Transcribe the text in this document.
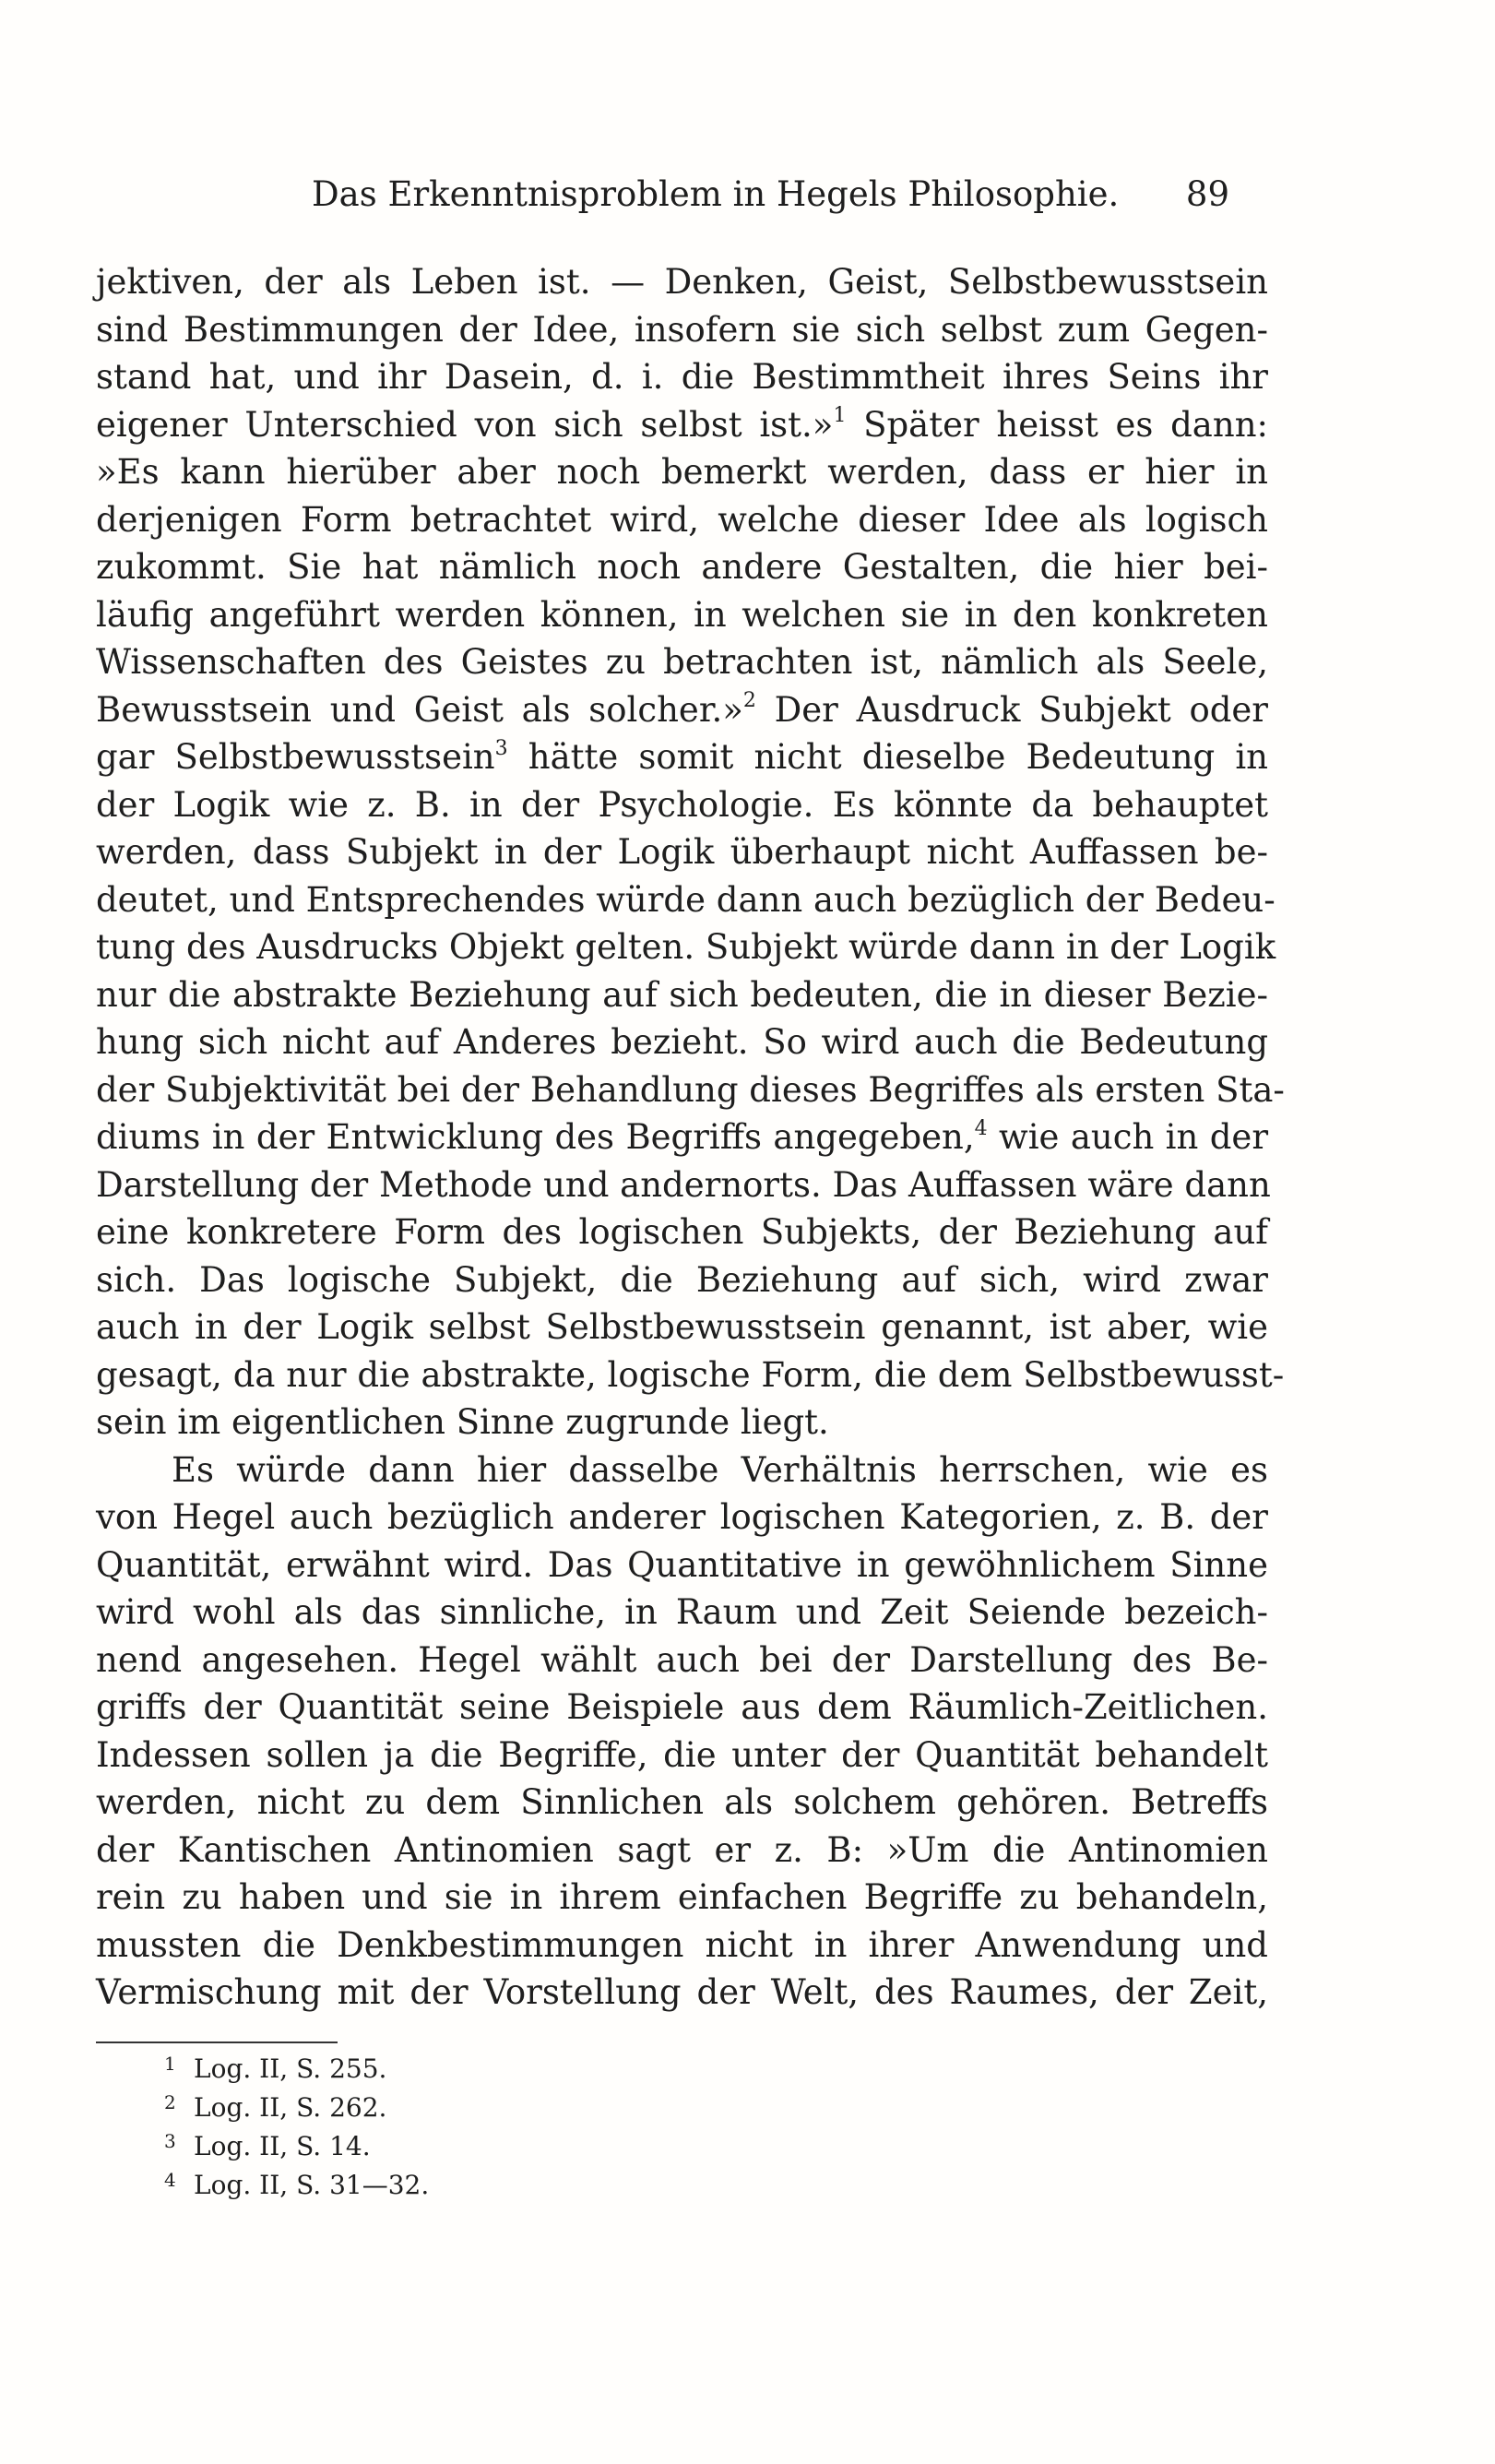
Das Erkenntnisproblem in Hegels Philosophie. 89
jektiven, der als Leben ist. — Denken, Geist, Selbstbewusstsein
sind Bestimmungen der Idee, insofern sie sich selbst zum Gegen-
stand hat, und ihr Dasein, d. i. die Bestimmtheit ihres Seins ihr
eigener Unterschied von sich selbst ist.»$^1$ Später heisst es dann:
»Es kann hierüber aber noch bemerkt werden, dass er hier in
derjenigen Form betrachtet wird, welche dieser Idee als logisch
zukommt. Sie hat nämlich noch andere Gestalten, die hier bei-
läufig angeführt werden können, in welchen sie in den konkreten
Wissenschaften des Geistes zu betrachten ist, nämlich als Seele,
Bewusstsein und Geist als solcher.»$^2$ Der Ausdruck Subjekt oder
gar Selbstbewusstsein$^3$ hätte somit nicht dieselbe Bedeutung in
der Logik wie z. B. in der Psychologie. Es könnte da behauptet
werden, dass Subjekt in der Logik überhaupt nicht Auffassen be-
deutet, und Entsprechendes würde dann auch bezüglich der Bedeu-
tung des Ausdrucks Objekt gelten. Subjekt würde dann in der Logik
nur die abstrakte Beziehung auf sich bedeuten, die in dieser Bezie-
hung sich nicht auf Anderes bezieht. So wird auch die Bedeutung
der Subjektivität bei der Behandlung dieses Begriffes als ersten Sta-
diums in der Entwicklung des Begriffs angegeben,$^4$ wie auch in der
Darstellung der Methode und andernorts. Das Auffassen wäre dann
eine konkretere Form des logischen Subjekts, der Beziehung auf
sich. Das logische Subjekt, die Beziehung auf sich, wird zwar
auch in der Logik selbst Selbstbewusstsein genannt, ist aber, wie
gesagt, da nur die abstrakte, logische Form, die dem Selbstbewusst-
sein im eigentlichen Sinne zugrunde liegt.
Es würde dann hier dasselbe Verhältnis herrschen, wie es
von Hegel auch bezüglich anderer logischen Kategorien, z. B. der
Quantität, erwähnt wird. Das Quantitative in gewöhnlichem Sinne
wird wohl als das sinnliche, in Raum und Zeit Seiende bezeich-
nend angesehen. Hegel wählt auch bei der Darstellung des Be-
griffs der Quantität seine Beispiele aus dem Räumlich-Zeitlichen.
Indessen sollen ja die Begriffe, die unter der Quantität behandelt
werden, nicht zu dem Sinnlichen als solchem gehören. Betreffs
der Kantischen Antinomien sagt er z. B: »Um die Antinomien
rein zu haben und sie in ihrem einfachen Begriffe zu behandeln,
mussten die Denkbestimmungen nicht in ihrer Anwendung und
Vermischung mit der Vorstellung der Welt, des Raumes, der Zeit,
1 Log. II, S. 255.
2 Log. II, S. 262.
3 Log. II, S. 14.
4 Log. II, S. 31—32.
